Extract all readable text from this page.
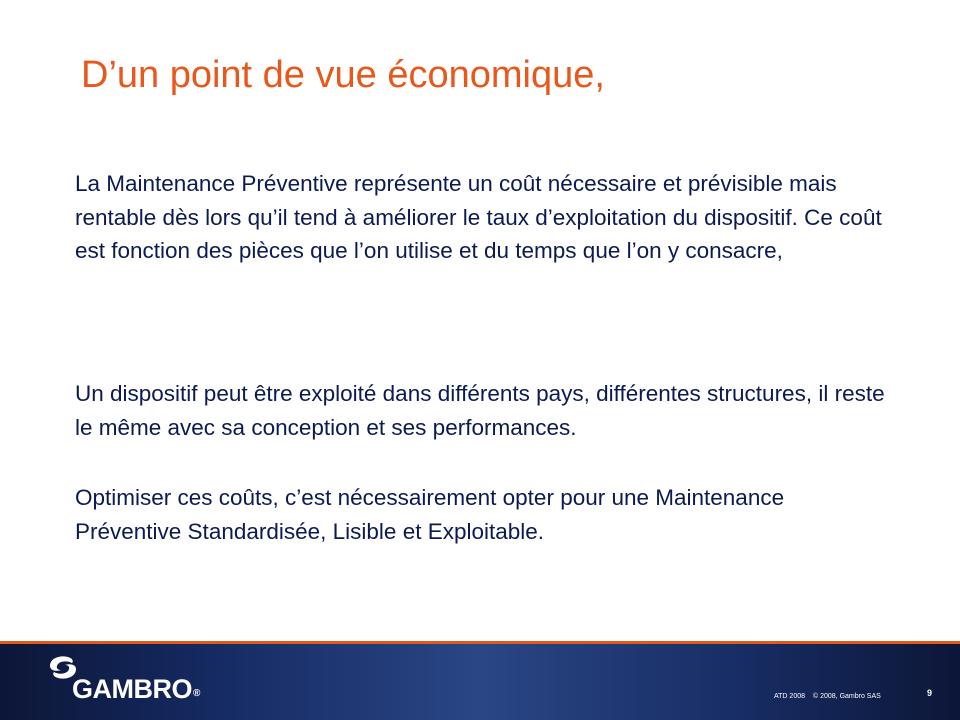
D’un point de vue économique,

La Maintenance Préventive représente un coût nécessaire et prévisible mais rentable dès lors qu’il tend à améliorer le taux d’exploitation du dispositif. Ce coût est fonction des pièces que l’on utilise et du temps que l’on y consacre,

Un dispositif peut être exploité dans différents pays, différentes structures, il reste le même avec sa conception et ses performances.

Optimiser ces coûts, c’est nécessairement opter pour une Maintenance Préventive Standardisée, Lisible et Exploitable.

GAMBRO®	ATD 2008 © 2008, Gambro SAS	9
